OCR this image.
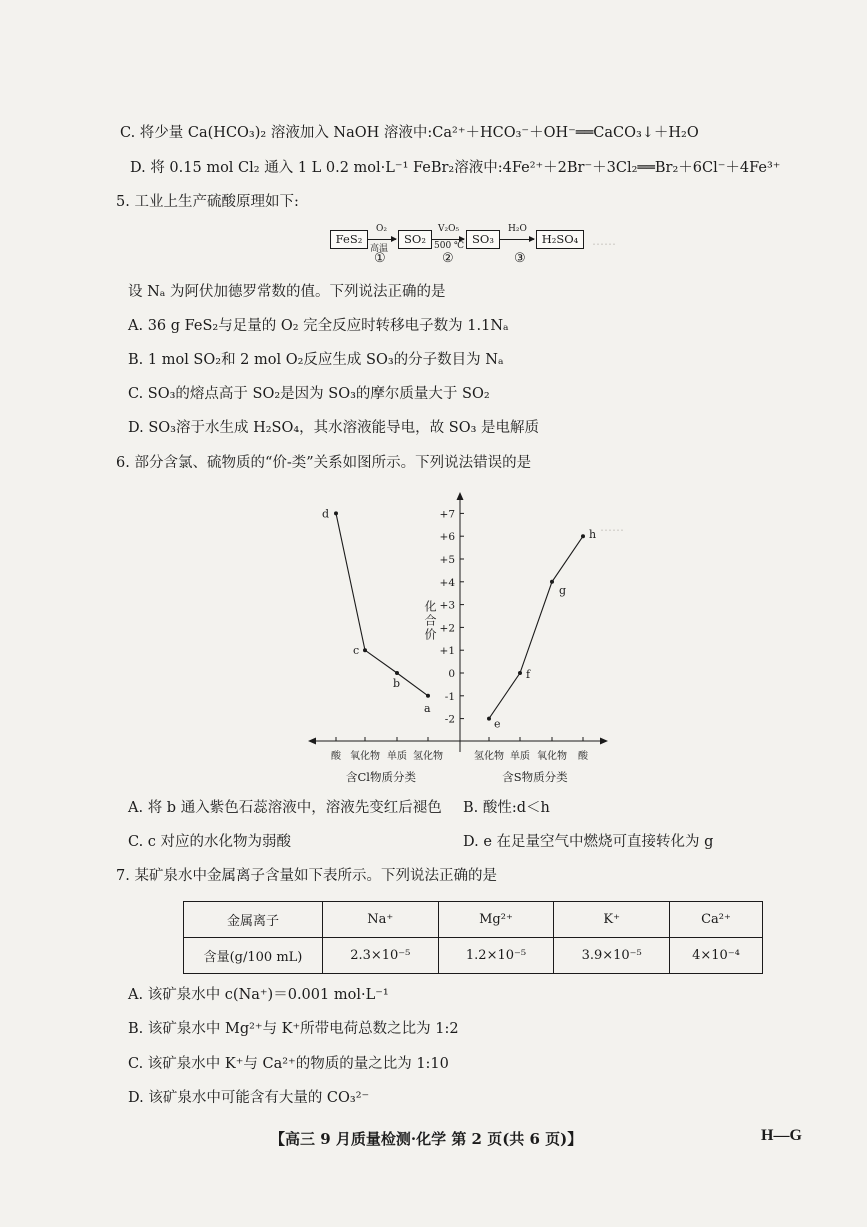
……
……
C. 将少量 Ca(HCO₃)₂ 溶液加入 NaOH 溶液中:Ca²⁺＋HCO₃⁻＋OH⁻══CaCO₃↓＋H₂O
D. 将 0.15 mol Cl₂ 通入 1 L 0.2 mol·L⁻¹ FeBr₂溶液中:4Fe²⁺＋2Br⁻＋3Cl₂══Br₂＋6Cl⁻＋4Fe³⁺
5. 工业上生产硫酸原理如下:
FeS₂
O₂
高温
①
SO₂
V₂O₅
500 ℃
②
SO₃
H₂O
③
H₂SO₄
设 Nₐ 为阿伏加德罗常数的值。下列说法正确的是
A. 36 g FeS₂与足量的 O₂ 完全反应时转移电子数为 1.1Nₐ
B. 1 mol SO₂和 2 mol O₂反应生成 SO₃的分子数目为 Nₐ
C. SO₃的熔点高于 SO₂是因为 SO₃的摩尔质量大于 SO₂
D. SO₃溶于水生成 H₂SO₄，其水溶液能导电，故 SO₃ 是电解质
6. 部分含氯、硫物质的“价-类”关系如图所示。下列说法错误的是
+7
+6
+5
+4
+3
+2
+1
0
-1
-2
化合价
酸 氧化物 单质 氢化物	氢化物 单质 氧化物 酸
含Cl物质分类	含S物质分类
d
c
b
a
e
f
g
h
A. 将 b 通入紫色石蕊溶液中，溶液先变红后褪色 B. 酸性:d＜h
C. c 对应的水化物为弱酸	D. e 在足量空气中燃烧可直接转化为 g
7. 某矿泉水中金属离子含量如下表所示。下列说法正确的是
金属离子	Na⁺	Mg²⁺	K⁺	Ca²⁺
含量(g/100 mL)	2.3×10⁻⁵	1.2×10⁻⁵	3.9×10⁻⁵	4×10⁻⁴
A. 该矿泉水中 c(Na⁺)＝0.001 mol·L⁻¹
B. 该矿泉水中 Mg²⁺与 K⁺所带电荷总数之比为 1:2
C. 该矿泉水中 K⁺与 Ca²⁺的物质的量之比为 1:10
D. 该矿泉水中可能含有大量的 CO₃²⁻
【高三 9 月质量检测·化学 第 2 页(共 6 页)】	H—G
